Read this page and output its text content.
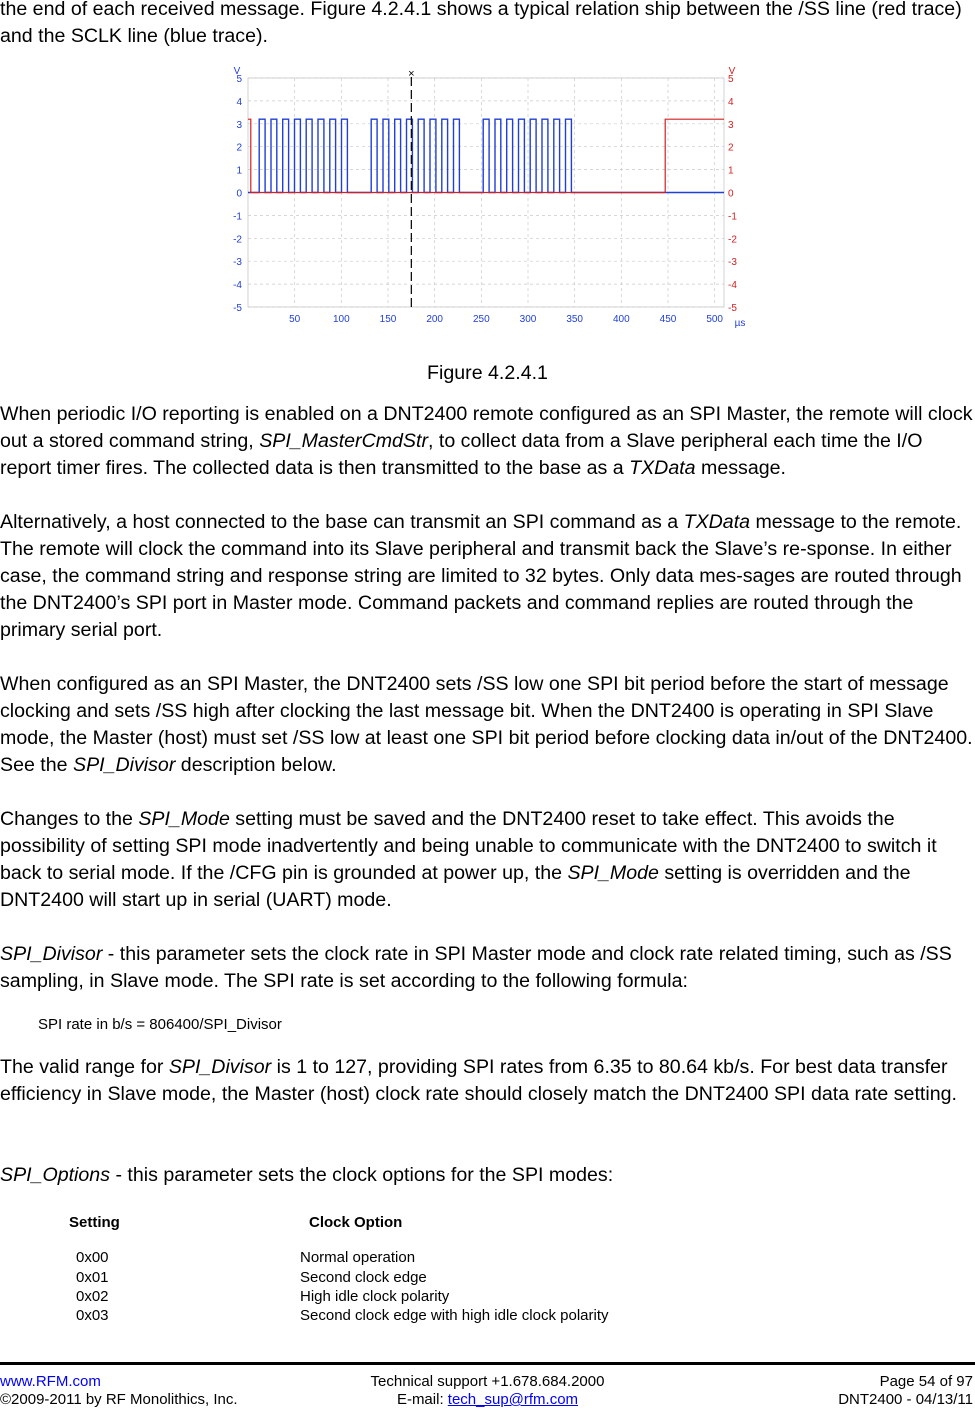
the end of each received message. Figure 4.2.4.1 shows a typical relation ship between the /SS line (red trace) and the SCLK line (blue trace).

-5	-5
-4	-4
-3	-3
-2	-2
-1	-1
0	0
1	1
2	2
3	3
4	4
5	5
50	100	150	200	250	300	350	400	450	500
V	V
µs
×
Figure 4.2.4.1

When periodic I/O reporting is enabled on a DNT2400 remote configured as an SPI Master, the remote will clock out a stored command string, SPI_MasterCmdStr, to collect data from a Slave peripheral each time the I/O report timer fires. The collected data is then transmitted to the base as a TXData message.

Alternatively, a host connected to the base can transmit an SPI command as a TXData message to the remote. The remote will clock the command into its Slave peripheral and transmit back the Slave’s re-sponse. In either case, the command string and response string are limited to 32 bytes. Only data mes-sages are routed through the DNT2400’s SPI port in Master mode. Command packets and command replies are routed through the primary serial port.

When configured as an SPI Master, the DNT2400 sets /SS low one SPI bit period before the start of message clocking and sets /SS high after clocking the last message bit. When the DNT2400 is operating in SPI Slave mode, the Master (host) must set /SS low at least one SPI bit period before clocking data in/out of the DNT2400. See the SPI_Divisor description below.

Changes to the SPI_Mode setting must be saved and the DNT2400 reset to take effect. This avoids the possibility of setting SPI mode inadvertently and being unable to communicate with the DNT2400 to switch it back to serial mode. If the /CFG pin is grounded at power up, the SPI_Mode setting is overridden and the DNT2400 will start up in serial (UART) mode.

SPI_Divisor - this parameter sets the clock rate in SPI Master mode and clock rate related timing, such as /SS sampling, in Slave mode. The SPI rate is set according to the following formula:

SPI rate in b/s = 806400/SPI_Divisor

The valid range for SPI_Divisor is 1 to 127, providing SPI rates from 6.35 to 80.64 kb/s. For best data transfer efficiency in Slave mode, the Master (host) clock rate should closely match the DNT2400 SPI data rate setting.

SPI_Options - this parameter sets the clock options for the SPI modes:

Setting	Clock Option
0x00	Normal operation
0x01	Second clock edge
0x02	High idle clock polarity
0x03	Second clock edge with high idle clock polarity
www.RFM.com
©2009-2011 by RF Monolithics, Inc.
Technical support +1.678.684.2000
E-mail: tech_sup@rfm.com
Page 54 of 97
DNT2400 - 04/13/11
